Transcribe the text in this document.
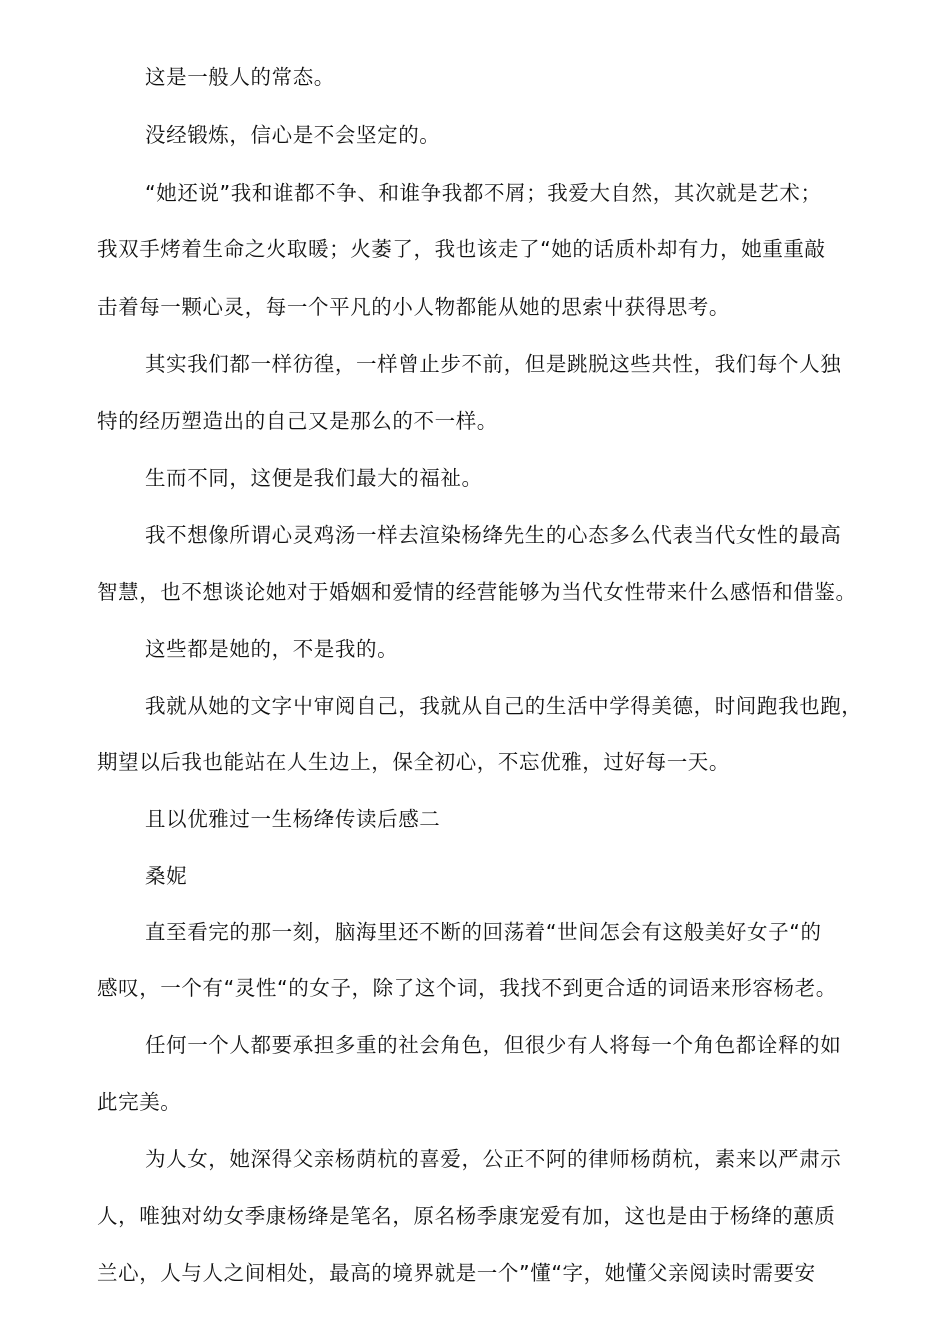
这是一般人的常态。
没经锻炼，信心是不会坚定的。
“她还说”我和谁都不争、和谁争我都不屑；我爱大自然，其次就是艺术；
我双手烤着生命之火取暖；火萎了，我也该走了“她的话质朴却有力，她重重敲
击着每一颗心灵，每一个平凡的小人物都能从她的思索屮获得思考。
其实我们都一样彷徨，一样曾止步不前，但是跳脱这些共性，我们每个人独
特的经历塑造出的自己又是那么的不一样。
生而不同，这便是我们最大的福祉。
我不想像所谓心灵鸡汤一样去渲染杨绛先生的心态多么代表当代女性的最高
智慧，也不想谈论她对于婚姻和爱情的经营能够为当代女性带来什么感悟和借鉴。
这些都是她的，不是我的。
我就从她的文字屮审阅自己，我就从自己的生活中学得美德，时间跑我也跑，
期望以后我也能站在人生边上，保全初心，不忘优雅，过好每一天。
且以优雅过一生杨绛传读后感二
桑妮
直至看完的那一刻，脑海里还不断的回荡着“世间怎会有这般美好女子“的
感叹，一个有“灵性“的女子，除了这个词，我找不到更合适的词语来形容杨老。
任何一个人都要承担多重的社会角色，但很少有人将每一个角色都诠释的如
此完美。
为人女，她深得父亲杨荫杭的喜爱，公正不阿的律师杨荫杭，素来以严肃示
人，唯独对幼女季康杨绛是笔名，原名杨季康宠爱有加，这也是由于杨绛的蕙质
兰心，人与人之间相处，最高的境界就是一个”懂“字，她懂父亲阅读时需要安
